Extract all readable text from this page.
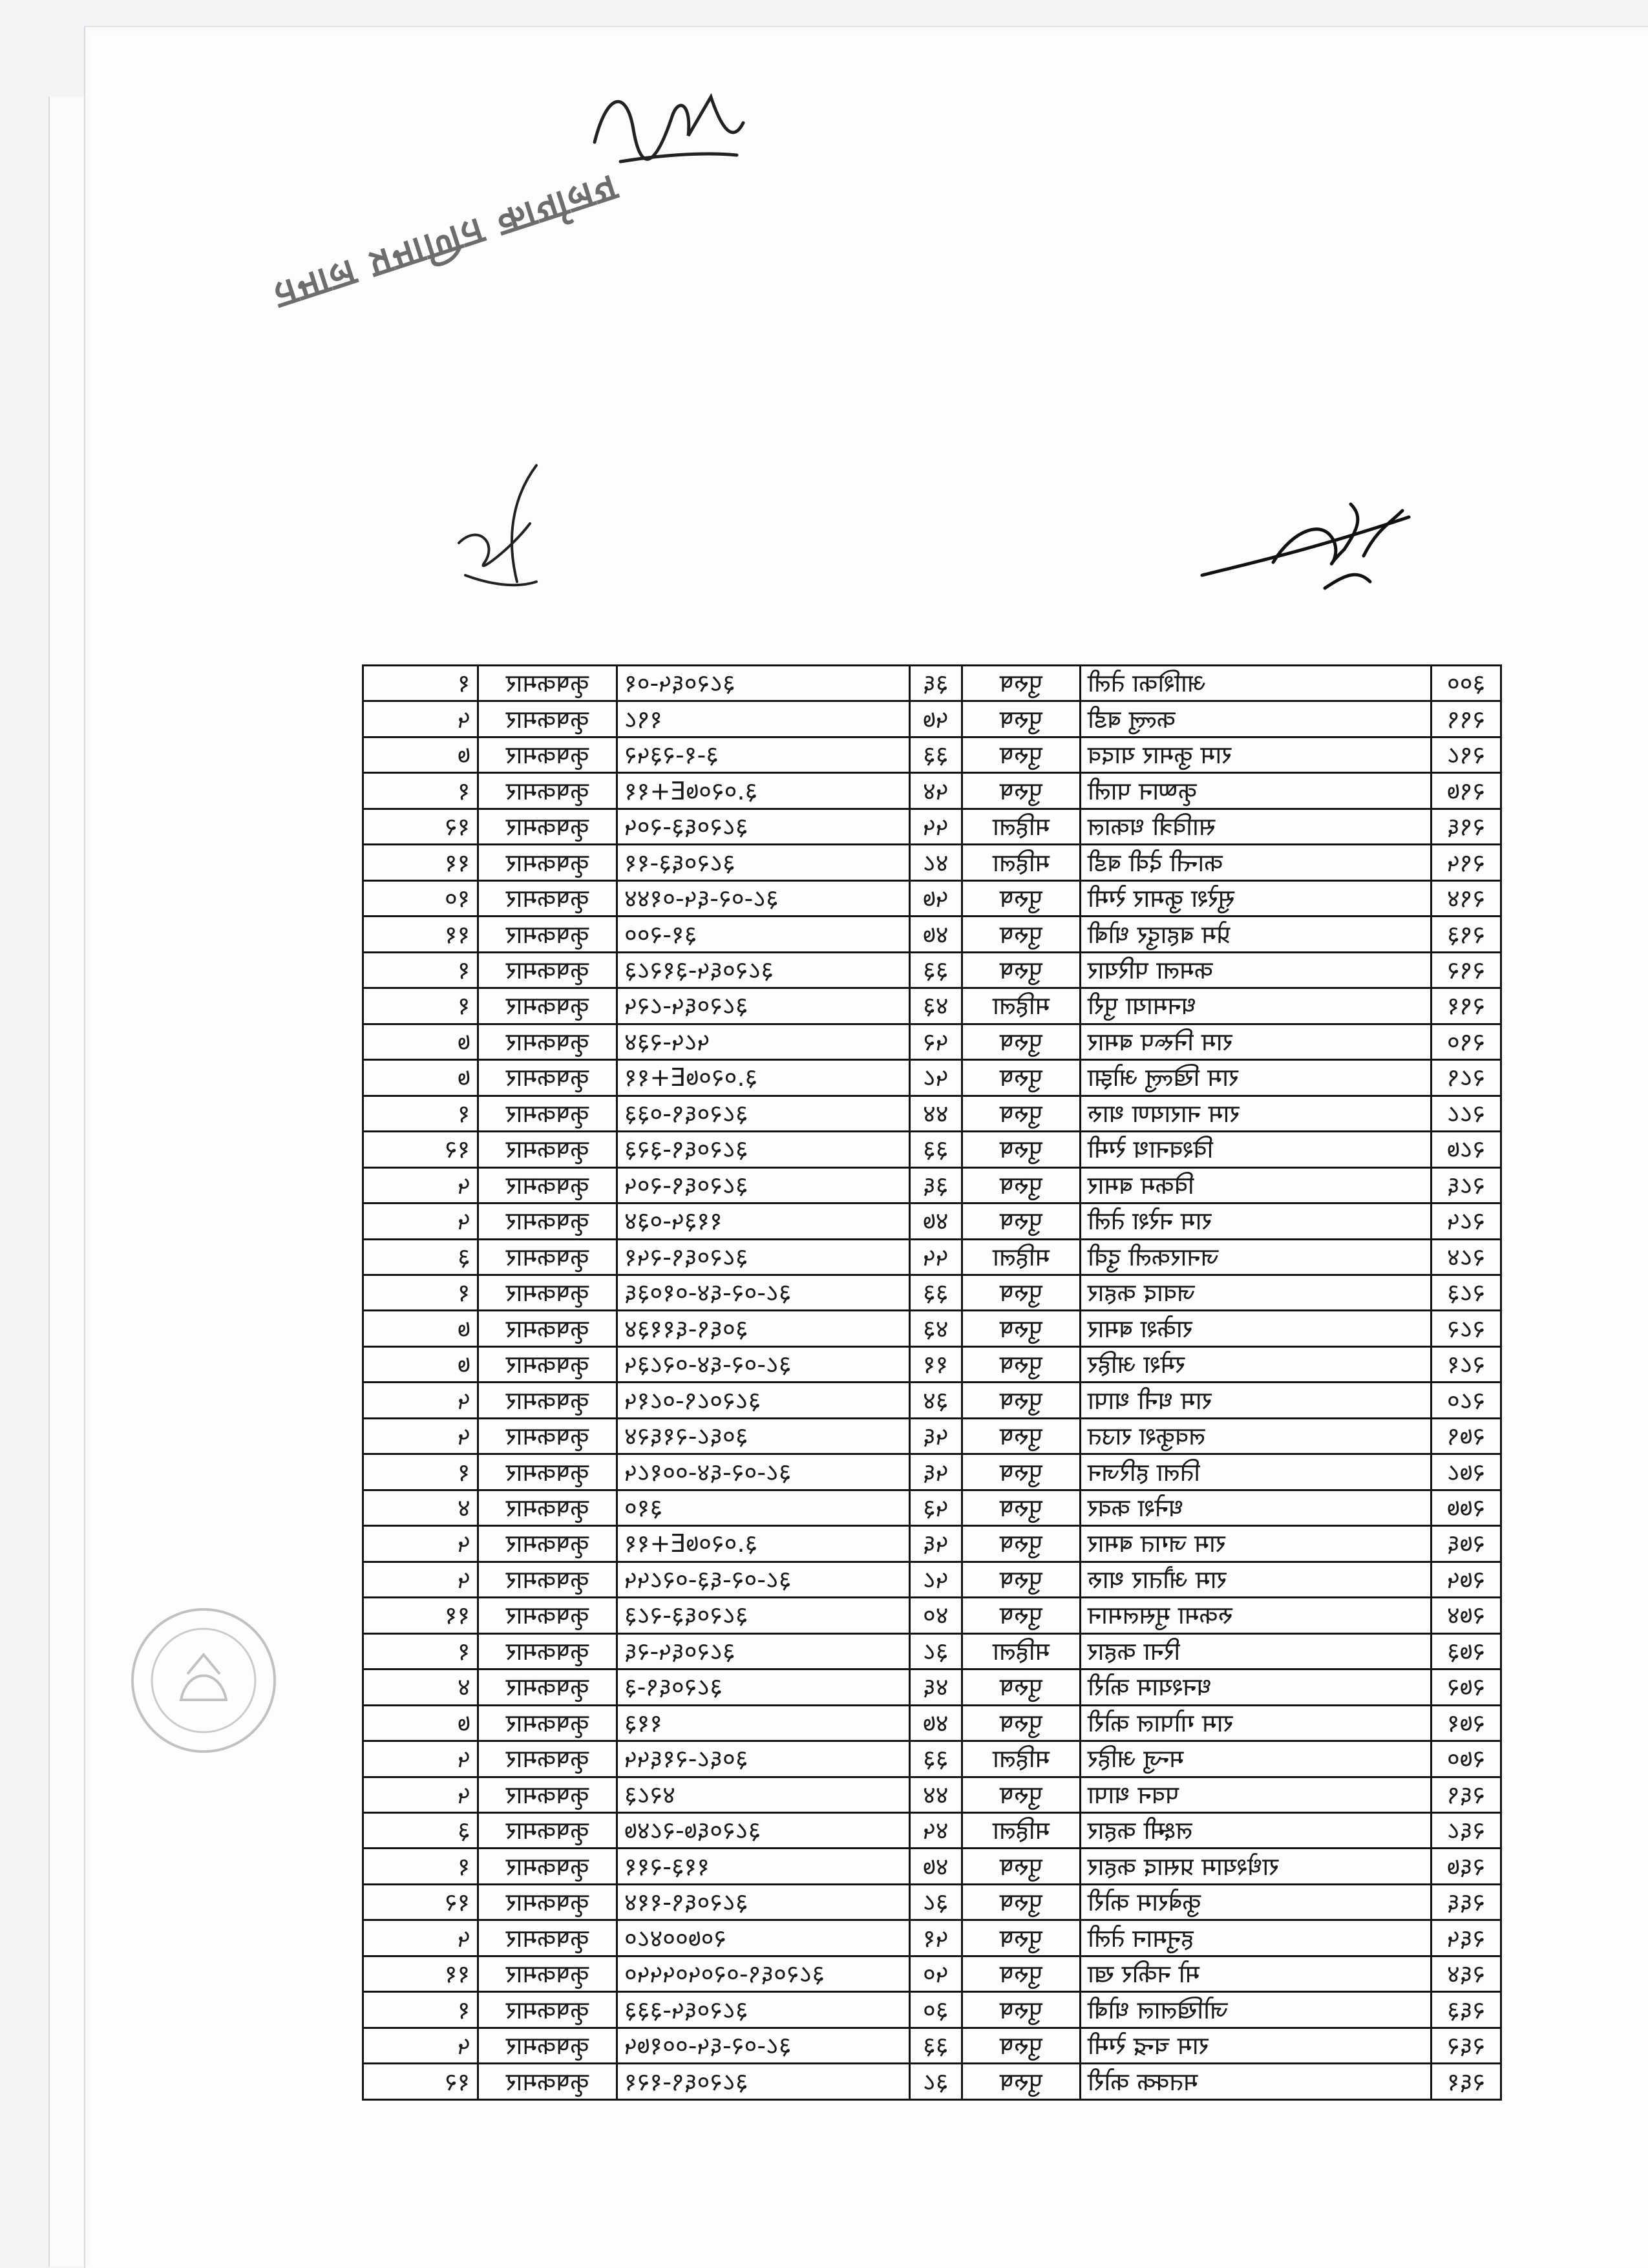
तमाल प्रमाणित कार्यालय
१	कृषकमार	३८२०६५-०१	३६	पुरुष	आशिका तेली	३००
५	कृषकमार	१९८	५७	पुरुष	कल्लु बडी	२९९
७	कृषकमार	३-१-२३५२	३३	पुरुष	राम कुमार यादव	२९८
१	कृषकमार	३.०२०७E+११	५४	पुरुष	कृष्णन पाली	२९७
१२	कृषकमार	३८२०६३-२०५	५५	महिला	सावित्री धकाल	२९६
११	कृषकमार	३८२०६३-११	४८	महिला	कान्ती देवी बडी	२९५
१०	कृषकमार	३८-०२-६५-०१४४	५७	पुरुष	सुरेश कुमार रेग्मी	२९४
११	कृषकमार	३१-२००	४७	पुरुष	प्रेम बहादुर धोबी	२९३
१	कृषकमार	३८२०६५-३१२८३	३३	पुरुष	कमला परियार	२९२
१	कृषकमार	३८२०६५-८२५	४३	महिला	धनमाया पुरी	२९१
७	कृषकमार	५८५-२३४	५२	पुरुष	राम निरूप बमार	२९०
७	कृषकमार	३.०२०७E+११	५८	पुरुष	राम खिल्लु ओझा	२८९
१	कृषकमार	३८२०६९-०३३	४४	पुरुष	राम नारायण थारु	२८८
१२	कृषकमार	३८२०६९-३२३	३३	पुरुष	विश्वनाथ रेग्मी	२८७
५	कृषकमार	३८२०६९-२०५	३६	पुरुष	विकम बमार	२८६
५	कृषकमार	११३५-०३४	४७	पुरुष	राम नरेश तेली	२८५
३	कृषकमार	३८२०६९-२५१	५५	महिला	जनारकली दुवी	२८४
१	कृषकमार	३८-०२-६४-०१०३६	३३	पुरुष	जवाद कहार	२८३
७	कृषकमार	३०६९-६११३४	४३	पुरुष	राकेश बमार	२८२
७	कृषकमार	३८-०२-६४-०२८३५	११	पुरुष	रमेश अहिर	२८१
५	कृषकमार	३८२०८९-०८१५	३४	पुरुष	राम धनी थापा	२८०
५	कृषकमार	३०६८-२१६२४	५६	पुरुष	लवकुश राउत	२७९
१	कृषकमार	३८-०२-६४-००१८५	५६	पुरुष	तिला हरिजन	२७८
४	कृषकमार	३१०	५३	पुरुष	धनेश कवर	२७७
५	कृषकमार	३.०२०७E+११	५६	पुरुष	राम जगत बमार	२७६
५	कृषकमार	३८-०२-६३-०२८५५	५८	पुरुष	राम औतार थारु	२७५
११	कृषकमार	३८२०६३-२८३	४०	पुरुष	रुकमा मुसलमान	२७४
१	कृषकमार	३८२०६५-२६	३८	महिला	रिना कहार	२७३
४	कृषकमार	३८२०६९-३	४६	पुरुष	धनश्याम कोरी	२७२
७	कृषकमार	११३	४७	पुरुष	राम गोपाल कोरी	२७१
५	कृषकमार	३०६८-२१६५५	३३	महिला	मन्जु अहिर	२७०
५	कृषकमार	४२८३	४४	पुरुष	पवन थापा	२६९
३	कृषकमार	३८२०६७-२८४७	४५	महिला	लक्ष्मी कहार	२६८
१	कृषकमार	११३-२११	४७	पुरुष	राधेश्याम प्रसाद कहार	२६७
१२	कृषकमार	३८२०६९-११४	३८	पुरुष	कुबेराम कोरी	२६६
५	कृषकमार	२०७००४८०	५१	पुरुष	हनुमान तेली	२६५
११	कृषकमार	३८२०६९-०२०५०५५५०	५०	पुरुष	मो नकीर खा	२६४
१	कृषकमार	३८२०६५-३३३	३०	पुरुष	जोखिलाल धोबी	२६३
५	कृषकमार	३८-०२-६५-००१७५	३३	पुरुष	राम चन्द्र रेग्मी	२६२
१२	कृषकमार	३८२०६९-१२१	३८	पुरुष	मतक्क कोरी	२६१
